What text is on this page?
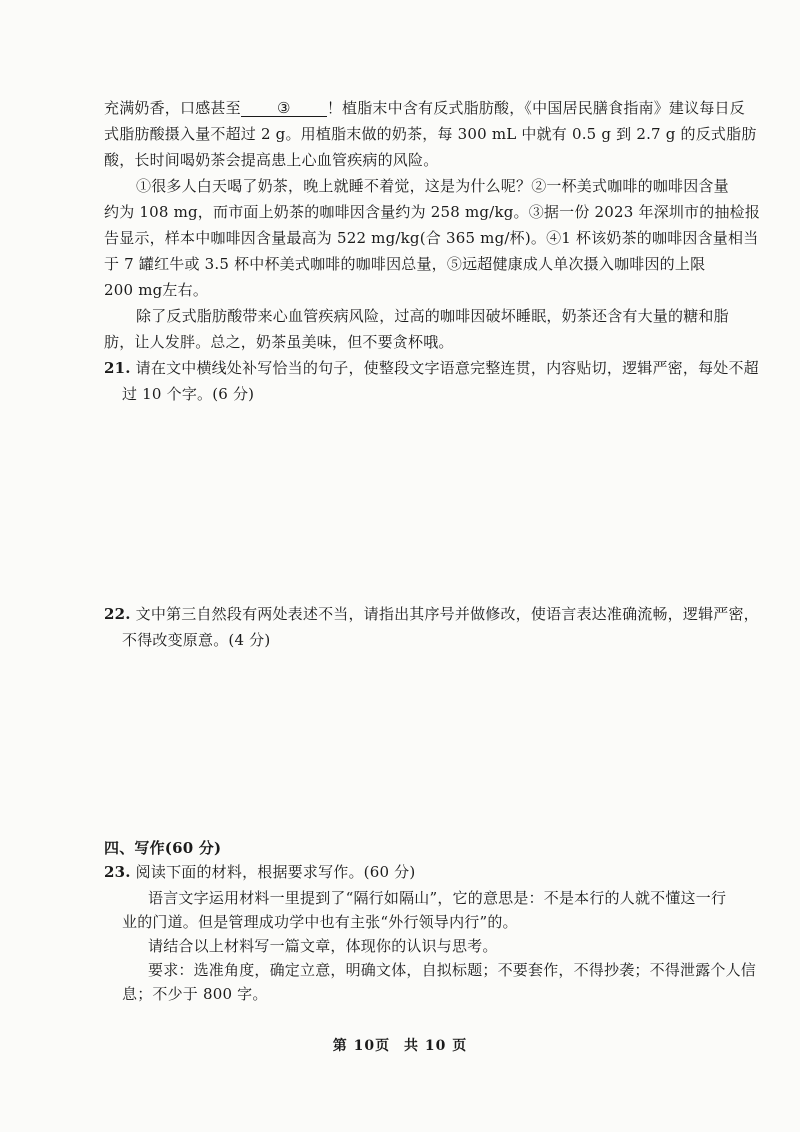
充满奶香，口感甚至 ③ ！植脂末中含有反式脂肪酸，《中国居民膳食指南》建议每日反
式脂肪酸摄入量不超过 2 g。用植脂末做的奶茶，每 300 mL 中就有 0.5 g 到 2.7 g 的反式脂肪
酸，长时间喝奶茶会提高患上心血管疾病的风险。
①很多人白天喝了奶茶，晚上就睡不着觉，这是为什么呢？②一杯美式咖啡的咖啡因含量
约为 108 mg，而市面上奶茶的咖啡因含量约为 258 mg/kg。③据一份 2023 年深圳市的抽检报
告显示，样本中咖啡因含量最高为 522 mg/kg(合 365 mg/杯)。④1 杯该奶茶的咖啡因含量相当
于 7 罐红牛或 3.5 杯中杯美式咖啡的咖啡因总量，⑤远超健康成人单次摄入咖啡因的上限
200 mg左右。
除了反式脂肪酸带来心血管疾病风险，过高的咖啡因破坏睡眠，奶茶还含有大量的糖和脂
肪，让人发胖。总之，奶茶虽美味，但不要贪杯哦。
21. 请在文中横线处补写恰当的句子，使整段文字语意完整连贯，内容贴切，逻辑严密，每处不超
过 10 个字。(6 分)
22. 文中第三自然段有两处表述不当，请指出其序号并做修改，使语言表达准确流畅，逻辑严密，
不得改变原意。(4 分)
四、写作(60 分)
23. 阅读下面的材料，根据要求写作。(60 分)
语言文字运用材料一里提到了“隔行如隔山”，它的意思是：不是本行的人就不懂这一行
业的门道。但是管理成功学中也有主张“外行领导内行”的。
请结合以上材料写一篇文章，体现你的认识与思考。
要求：选准角度，确定立意，明确文体，自拟标题；不要套作，不得抄袭；不得泄露个人信
息；不少于 800 字。
第 10页 共 10 页
